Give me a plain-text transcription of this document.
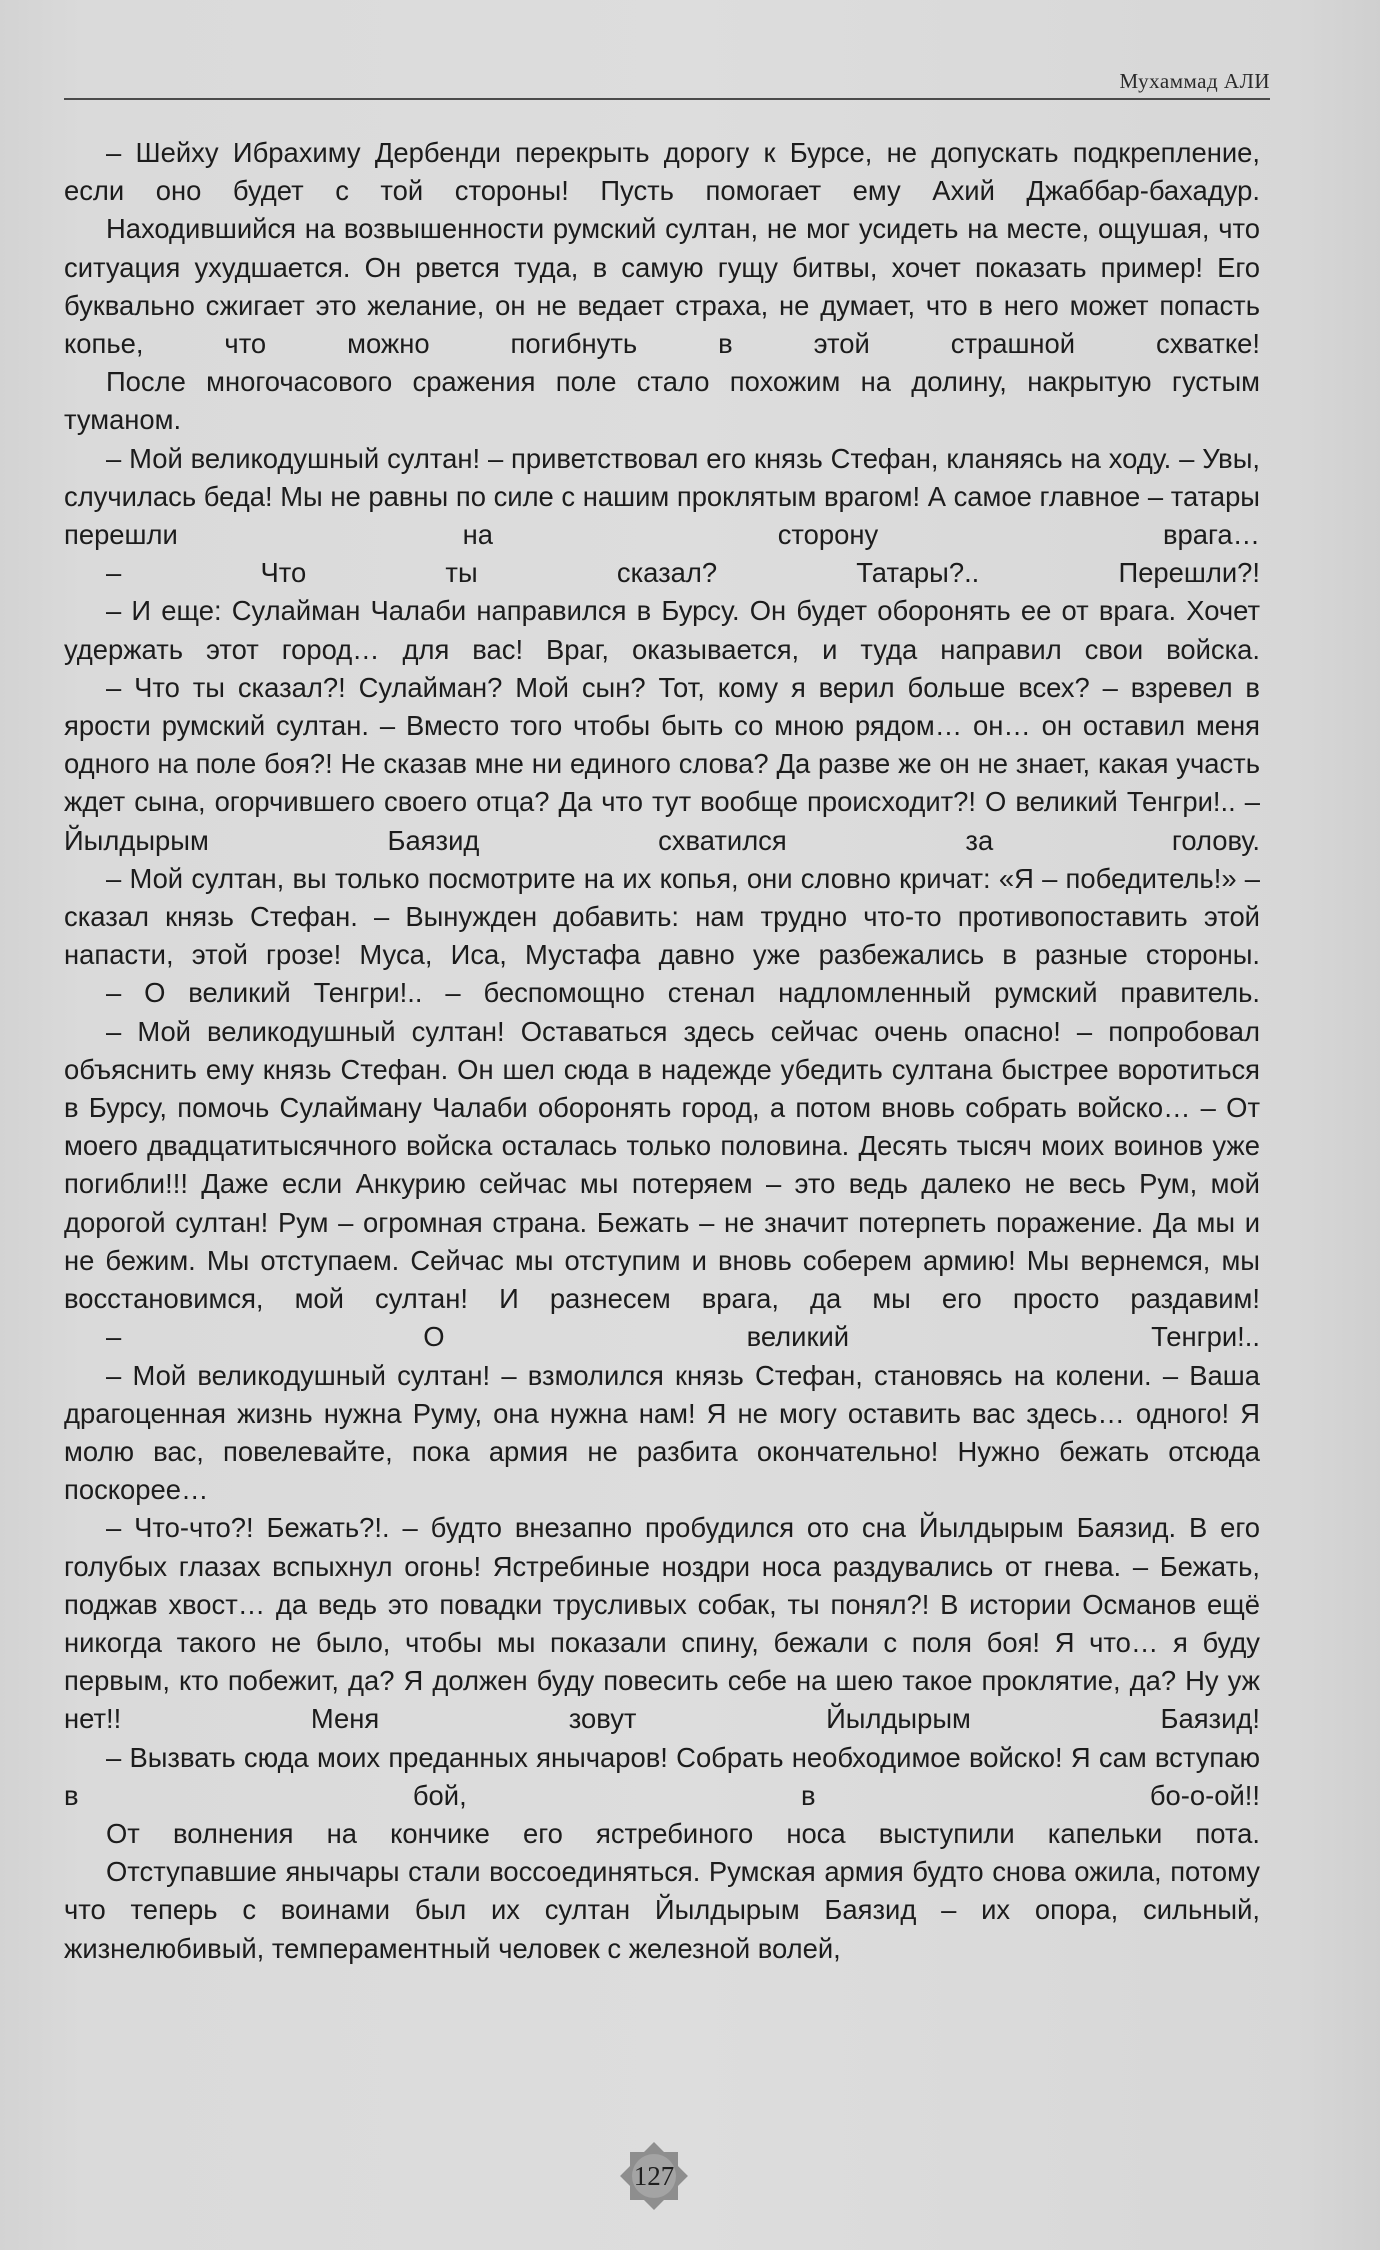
Мухаммад АЛИ

– Шейху Ибрахиму Дербенди перекрыть дорогу к Бурсе, не допускать подкрепление, если оно будет с той стороны! Пусть помогает ему Ахий Джаббар-бахадур.

Находившийся на возвышенности румский султан, не мог усидеть на месте, ощушая, что ситуация ухудшается. Он рвется туда, в самую гущу битвы, хочет показать пример! Его буквально сжигает это желание, он не ведает страха, не думает, что в него может попасть копье, что можно погибнуть в этой страшной схватке!

После многочасового сражения поле стало похожим на долину, накрытую густым туманом.

– Мой великодушный султан! – приветствовал его князь Стефан, кланяясь на ходу. – Увы, случилась беда! Мы не равны по силе с нашим проклятым врагом! А самое главное – татары перешли на сторону врага…

– Что ты сказал? Татары?.. Перешли?!

– И еще: Сулайман Чалаби направился в Бурсу. Он будет оборонять ее от врага. Хочет удержать этот город… для вас! Враг, оказывается, и туда направил свои войска.

– Что ты сказал?! Сулайман? Мой сын? Тот, кому я верил больше всех? – взревел в ярости румский султан. – Вместо того чтобы быть со мною рядом… он… он оставил меня одного на поле боя?! Не сказав мне ни единого слова? Да разве же он не знает, какая участь ждет сына, огорчившего своего отца? Да что тут вообще происходит?! О великий Тенгри!.. – Йылдырым Баязид схватился за голову.

– Мой султан, вы только посмотрите на их копья, они словно кричат: «Я – победитель!» – сказал князь Стефан. – Вынужден добавить: нам трудно что-то противопоставить этой напасти, этой грозе! Муса, Иса, Мустафа давно уже разбежались в разные стороны.

– О великий Тенгри!.. – беспомощно стенал надломленный румский правитель.

– Мой великодушный султан! Оставаться здесь сейчас очень опасно! – попробовал объяснить ему князь Стефан. Он шел сюда в надежде убедить султана быстрее воротиться в Бурсу, помочь Сулайману Чалаби оборонять город, а потом вновь собрать войско… – От моего двадцатитысячного войска осталась только половина. Десять тысяч моих воинов уже погибли!!! Даже если Анкурию сейчас мы потеряем – это ведь далеко не весь Рум, мой дорогой султан! Рум – огромная страна. Бежать – не значит потерпеть поражение. Да мы и не бежим. Мы отступаем. Сейчас мы отступим и вновь соберем армию! Мы вернемся, мы восстановимся, мой султан! И разнесем врага, да мы его просто раздавим!

– О великий Тенгри!..

– Мой великодушный султан! – взмолился князь Стефан, становясь на колени. – Ваша драгоценная жизнь нужна Руму, она нужна нам! Я не могу оставить вас здесь… одного! Я молю вас, повелевайте, пока армия не разбита окончательно! Нужно бежать отсюда поскорее…

– Что-что?! Бежать?!. – будто внезапно пробудился ото сна Йылдырым Баязид. В его голубых глазах вспыхнул огонь! Ястребиные ноздри носа раздувались от гнева. – Бежать, поджав хвост… да ведь это повадки трусливых собак, ты понял?! В истории Османов ещё никогда такого не было, чтобы мы показали спину, бежали с поля боя! Я что… я буду первым, кто побежит, да? Я должен буду повесить себе на шею такое проклятие, да? Ну уж нет!! Меня зовут Йылдырым Баязид!

– Вызвать сюда моих преданных янычаров! Собрать необходимое войско! Я сам вступаю в бой, в бо-о-ой!!

От волнения на кончике его ястребиного носа выступили капельки пота.

Отступавшие янычары стали воссоединяться. Румская армия будто снова ожила, потому что теперь с воинами был их султан Йылдырым Баязид – их опора, сильный, жизнелюбивый, темпераментный человек с железной волей,

127
